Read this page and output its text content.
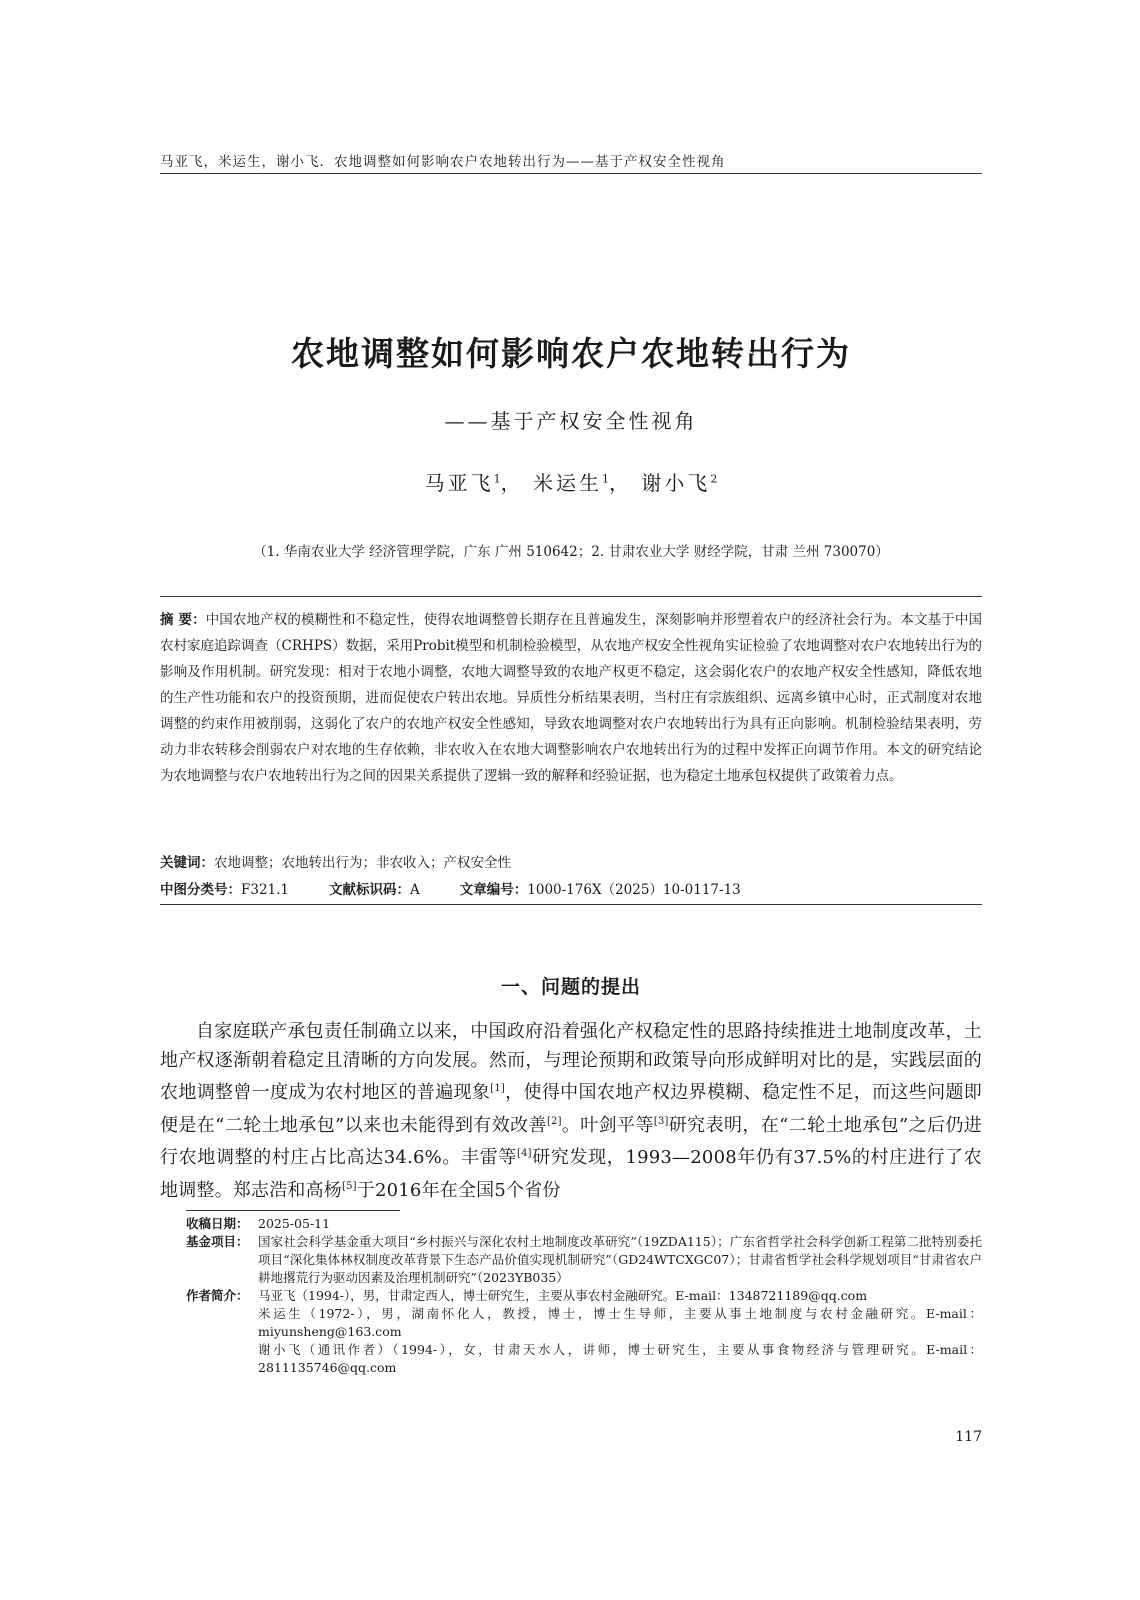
马亚飞，米运生，谢小飞．农地调整如何影响农户农地转出行为——基于产权安全性视角
农地调整如何影响农户农地转出行为
——基于产权安全性视角
马亚飞$^1$， 米运生$^1$， 谢小飞$^2$
（1. 华南农业大学 经济管理学院，广东 广州 510642；2. 甘肃农业大学 财经学院，甘肃 兰州 730070）
摘 要：中国农地产权的模糊性和不稳定性，使得农地调整曾长期存在且普遍发生，深刻影响并形塑着农户的经济社会行为。本文基于中国农村家庭追踪调查（CRHPS）数据，采用Probit模型和机制检验模型，从农地产权安全性视角实证检验了农地调整对农户农地转出行为的影响及作用机制。研究发现：相对于农地小调整，农地大调整导致的农地产权更不稳定，这会弱化农户的农地产权安全性感知，降低农地的生产性功能和农户的投资预期，进而促使农户转出农地。异质性分析结果表明，当村庄有宗族组织、远离乡镇中心时，正式制度对农地调整的约束作用被削弱，这弱化了农户的农地产权安全性感知，导致农地调整对农户农地转出行为具有正向影响。机制检验结果表明，劳动力非农转移会削弱农户对农地的生存依赖，非农收入在农地大调整影响农户农地转出行为的过程中发挥正向调节作用。本文的研究结论为农地调整与农户农地转出行为之间的因果关系提供了逻辑一致的解释和经验证据，也为稳定土地承包权提供了政策着力点。
关键词：农地调整；农地转出行为；非农收入；产权安全性
中图分类号：F321.1	文献标识码：A	文章编号：1000-176X（2025）10-0117-13
一、问题的提出
自家庭联产承包责任制确立以来，中国政府沿着强化产权稳定性的思路持续推进土地制度改革，土地产权逐渐朝着稳定且清晰的方向发展。然而，与理论预期和政策导向形成鲜明对比的是，实践层面的农地调整曾一度成为农村地区的普遍现象[1]，使得中国农地产权边界模糊、稳定性不足，而这些问题即便是在“二轮土地承包”以来也未能得到有效改善[2]。叶剑平等[3]研究表明，在“二轮土地承包”之后仍进行农地调整的村庄占比高达34.6%。丰雷等[4]研究发现，1993—2008年仍有37.5%的村庄进行了农地调整。郑志浩和高杨[5]于2016年在全国5个省份
收稿日期： 2025-05-11
基金项目： 国家社会科学基金重大项目“乡村振兴与深化农村土地制度改革研究”（19ZDA115）；广东省哲学社会科学创新工程第二批特别委托项目“深化集体林权制度改革背景下生态产品价值实现机制研究”（GD24WTCXGC07）；甘肃省哲学社会科学规划项目“甘肃省农户耕地撂荒行为驱动因素及治理机制研究”（2023YB035）
作者简介： 马亚飞（1994-），男，甘肃定西人，博士研究生，主要从事农村金融研究。E-mail：1348721189@qq.com
米运生（1972-），男，湖南怀化人，教授，博士，博士生导师，主要从事土地制度与农村金融研究。E-mail：miyunsheng@163.com
谢小飞（通讯作者）（1994-），女，甘肃天水人，讲师，博士研究生，主要从事食物经济与管理研究。E-mail：2811135746@qq.com
117
